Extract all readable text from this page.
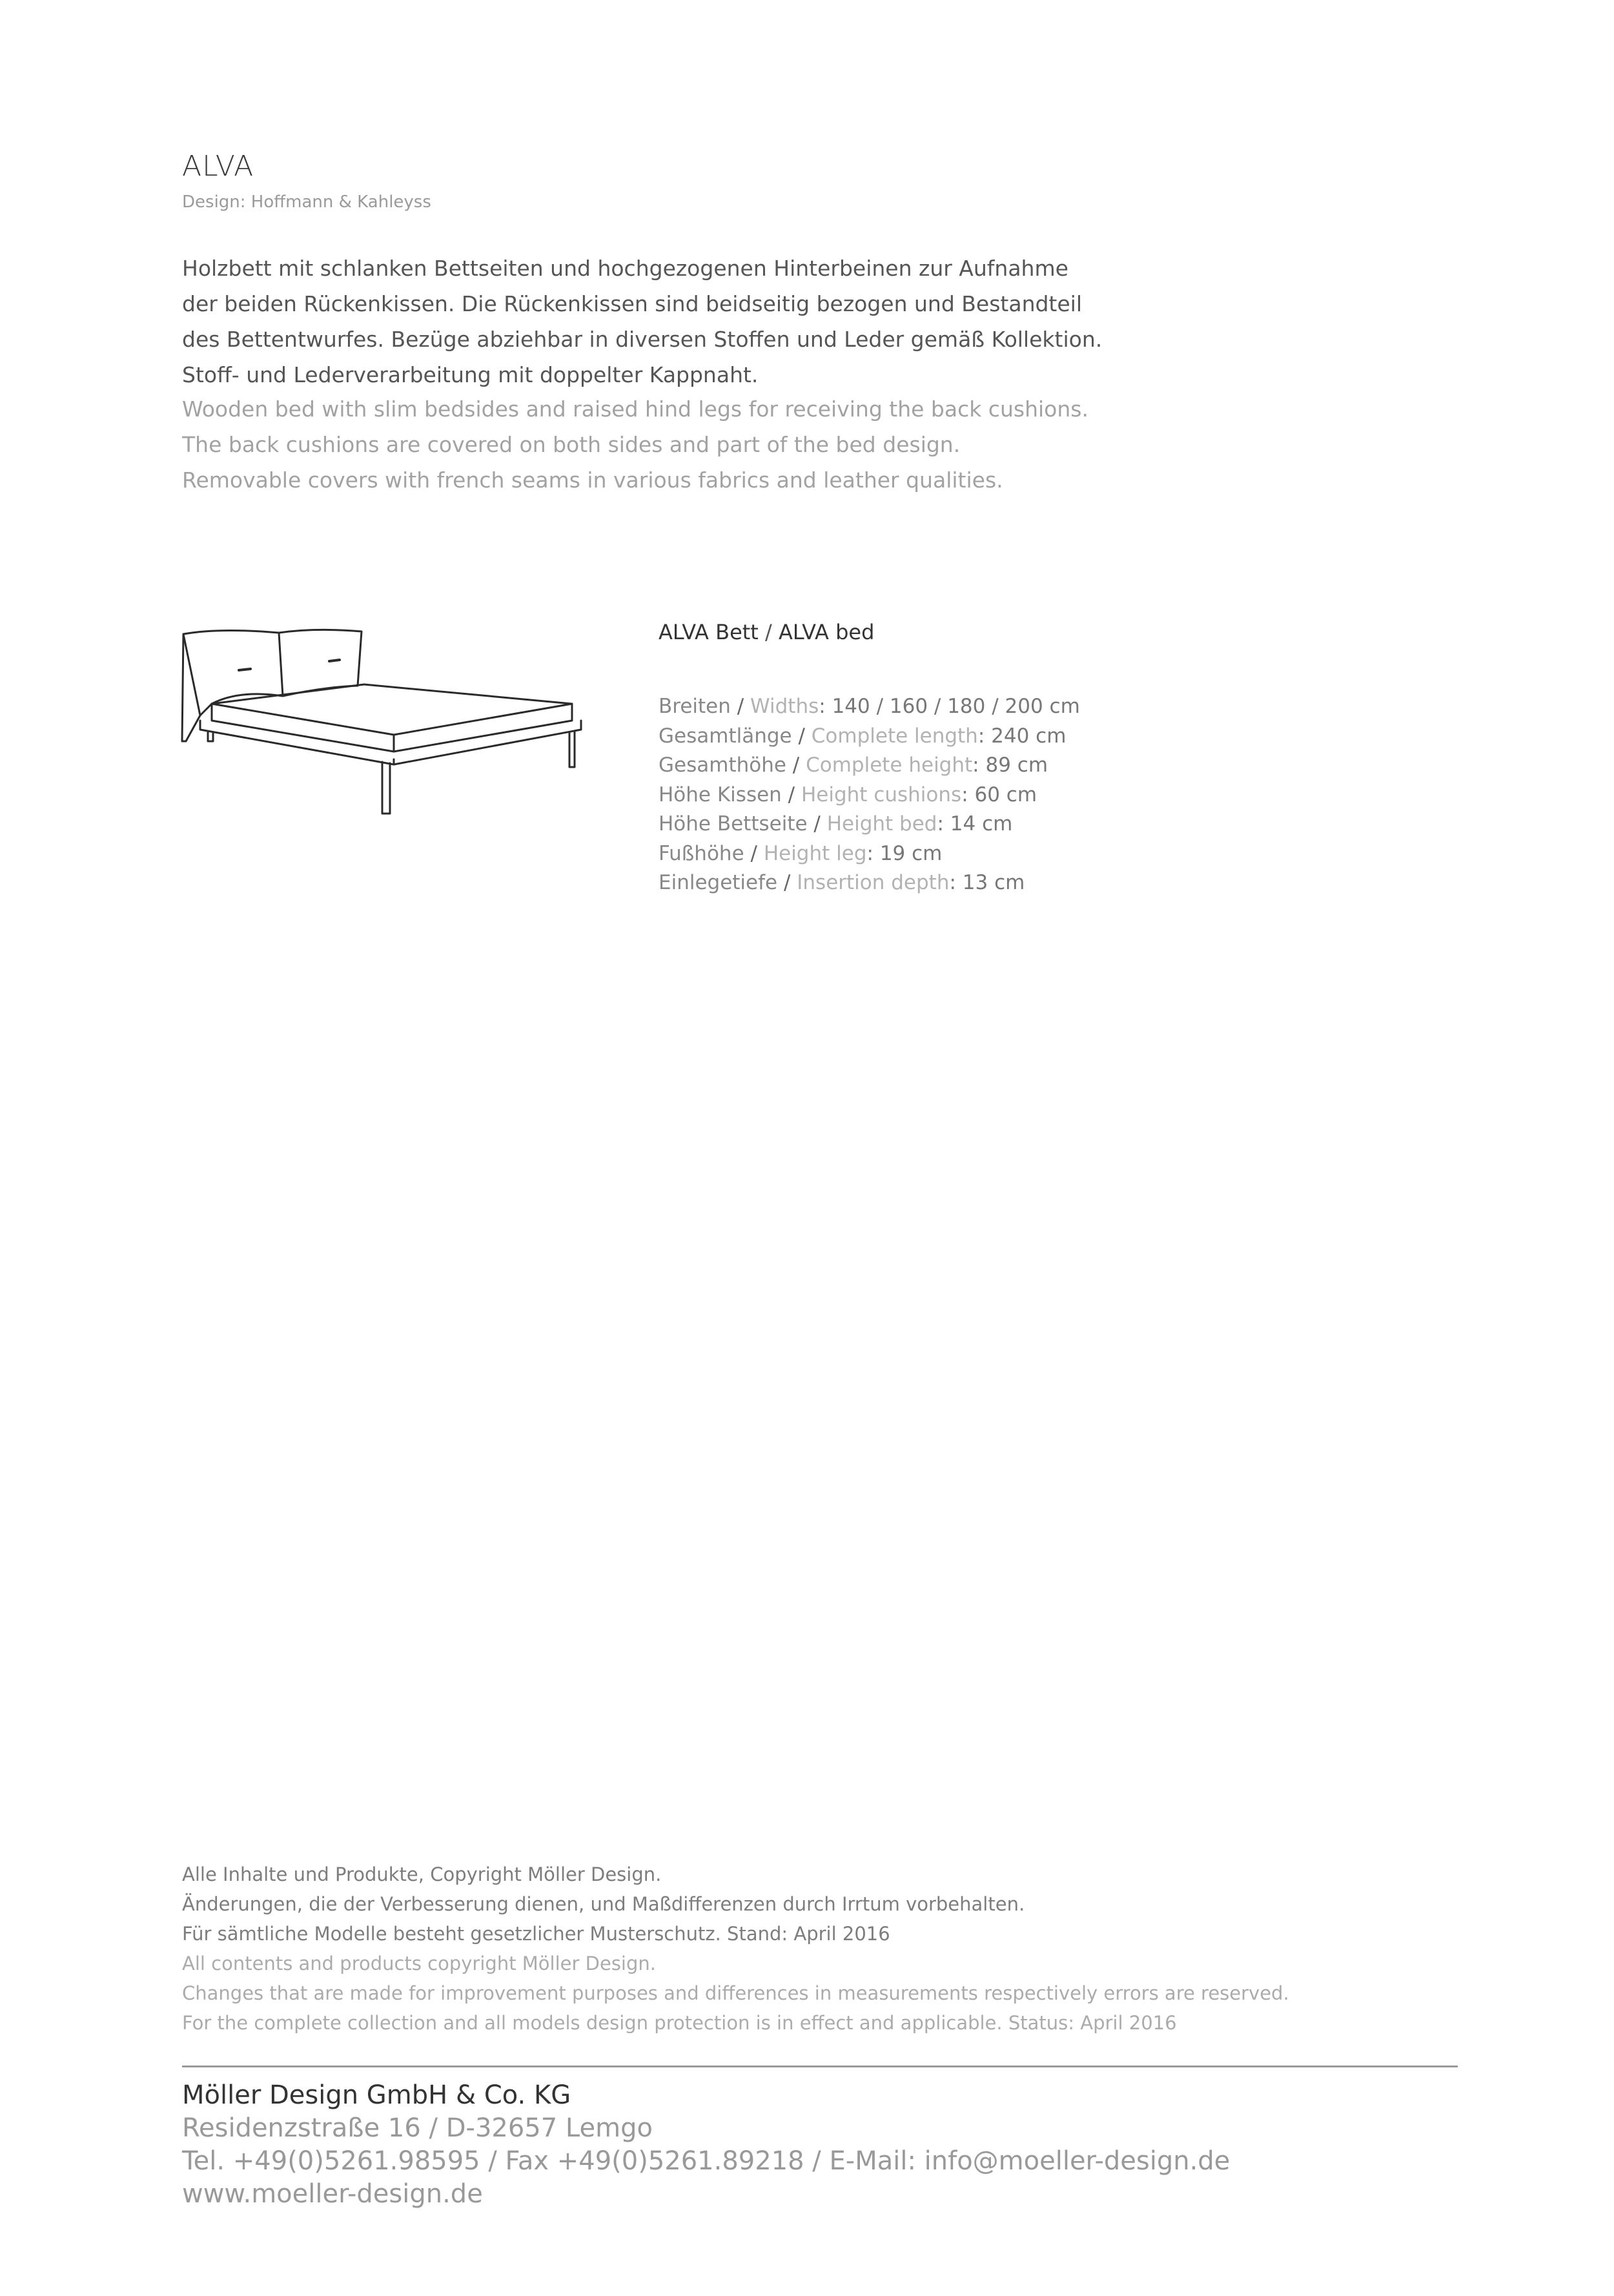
ALVA
Design: Hoffmann & Kahleyss

Holzbett mit schlanken Bettseiten und hochgezogenen Hinterbeinen zur Aufnahme

der beiden Rückenkissen. Die Rückenkissen sind beidseitig bezogen und Bestandteil

des Bettentwurfes. Bezüge abziehbar in diversen Stoffen und Leder gemäß Kollektion.

Stoff- und Lederverarbeitung mit doppelter Kappnaht.

Wooden bed with slim bedsides and raised hind legs for receiving the back cushions.

The back cushions are covered on both sides and part of the bed design.

Removable covers with french seams in various fabrics and leather qualities.

ALVA Bett / ALVA bed
Breiten / Widths: 140 / 160 / 180 / 200 cm
Gesamtlänge / Complete length: 240 cm
Gesamthöhe / Complete height: 89 cm
Höhe Kissen / Height cushions: 60 cm
Höhe Bettseite / Height bed: 14 cm
Fußhöhe / Height leg: 19 cm
Einlegetiefe / Insertion depth: 13 cm

Alle Inhalte und Produkte, Copyright Möller Design.

Änderungen, die der Verbesserung dienen, und Maßdifferenzen durch Irrtum vorbehalten.

Für sämtliche Modelle besteht gesetzlicher Musterschutz. Stand: April 2016

All contents and products copyright Möller Design.

Changes that are made for improvement purposes and differences in measurements respectively errors are reserved.

For the complete collection and all models design protection is in effect and applicable. Status: April 2016

Möller Design GmbH & Co. KG

Residenzstraße 16 / D-32657 Lemgo

Tel. +49(0)5261.98595 / Fax +49(0)5261.89218 / E-Mail: info@moeller-design.de

www.moeller-design.de
